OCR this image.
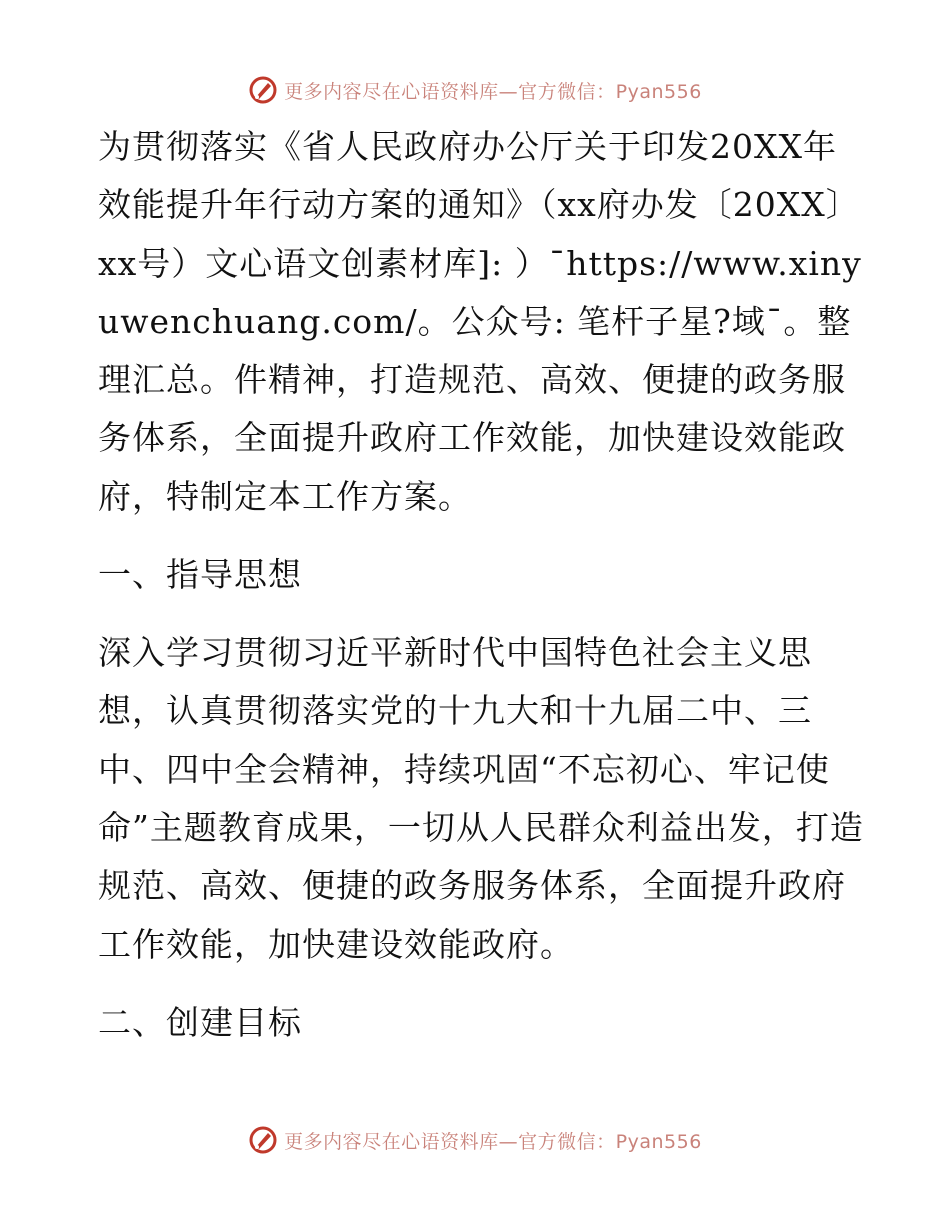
更多内容尽在心语资料库—官方微信：Pyan556

为贯彻落实《省人民政府办公厅关于印发20XX年效能提升年行动方案的通知》（xx府办发〔20XX〕xx号）文心语文创素材库]: ）¯https://www.xinyuwenchuang.com/。公众号: 笔杆子星?域¯。整理汇总。件精神，打造规范、高效、便捷的政务服务体系，全面提升政府工作效能，加快建设效能政府，特制定本工作方案。

一、指导思想

深入学习贯彻习近平新时代中国特色社会主义思想，认真贯彻落实党的十九大和十九届二中、三中、四中全会精神，持续巩固“不忘初心、牢记使命”主题教育成果，一切从人民群众利益出发，打造规范、高效、便捷的政务服务体系，全面提升政府工作效能，加快建设效能政府。

二、创建目标

更多内容尽在心语资料库—官方微信：Pyan556
